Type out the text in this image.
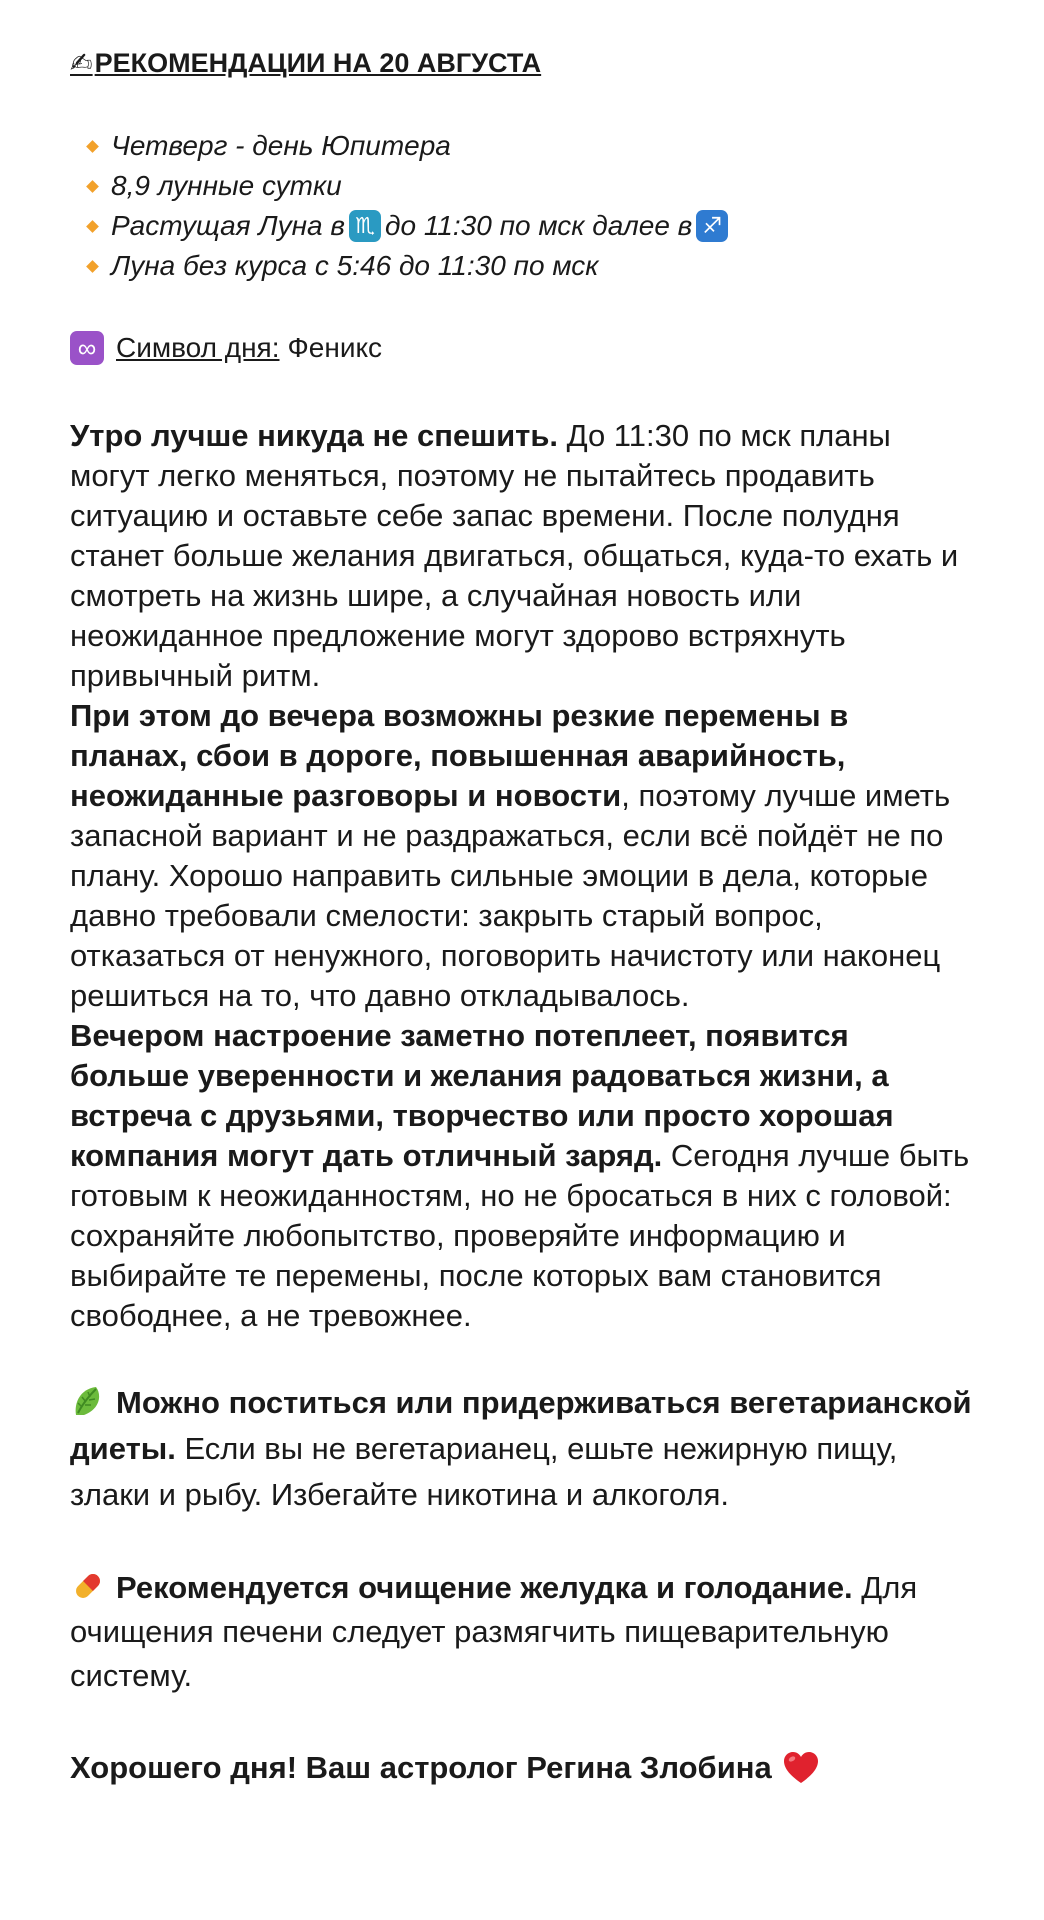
✍ РЕКОМЕНДАЦИИ НА 20 АВГУСТА
Четверг - день Юпитера
8,9 лунные сутки
Растущая Луна в ♏ до 11:30 по мск далее в ♐
Луна без курса с 5:46 до 11:30 по мск
∞ Символ дня: Феникс
Утро лучше никуда не спешить. До 11:30 по мск планы могут легко меняться, поэтому не пытайтесь продавить ситуацию и оставьте себе запас времени. После полудня станет больше желания двигаться, общаться, куда-то ехать и смотреть на жизнь шире, а случайная новость или неожиданное предложение могут здорово встряхнуть привычный ритм.
При этом до вечера возможны резкие перемены в планах, сбои в дороге, повышенная аварийность, неожиданные разговоры и новости, поэтому лучше иметь запасной вариант и не раздражаться, если всё пойдёт не по плану. Хорошо направить сильные эмоции в дела, которые давно требовали смелости: закрыть старый вопрос, отказаться от ненужного, поговорить начистоту или наконец решиться на то, что давно откладывалось.
Вечером настроение заметно потеплеет, появится больше уверенности и желания радоваться жизни, а встреча с друзьями, творчество или просто хорошая компания могут дать отличный заряд. Сегодня лучше быть готовым к неожиданностям, но не бросаться в них с головой: сохраняйте любопытство, проверяйте информацию и выбирайте те перемены, после которых вам становится свободнее, а не тревожнее.
Можно поститься или придерживаться вегетарианской диеты. Если вы не вегетарианец, ешьте нежирную пищу, злаки и рыбу. Избегайте никотина и алкоголя.
Рекомендуется очищение желудка и голодание. Для очищения печени следует размягчить пищеварительную систему.
Хорошего дня! Ваш астролог Регина Злобина
